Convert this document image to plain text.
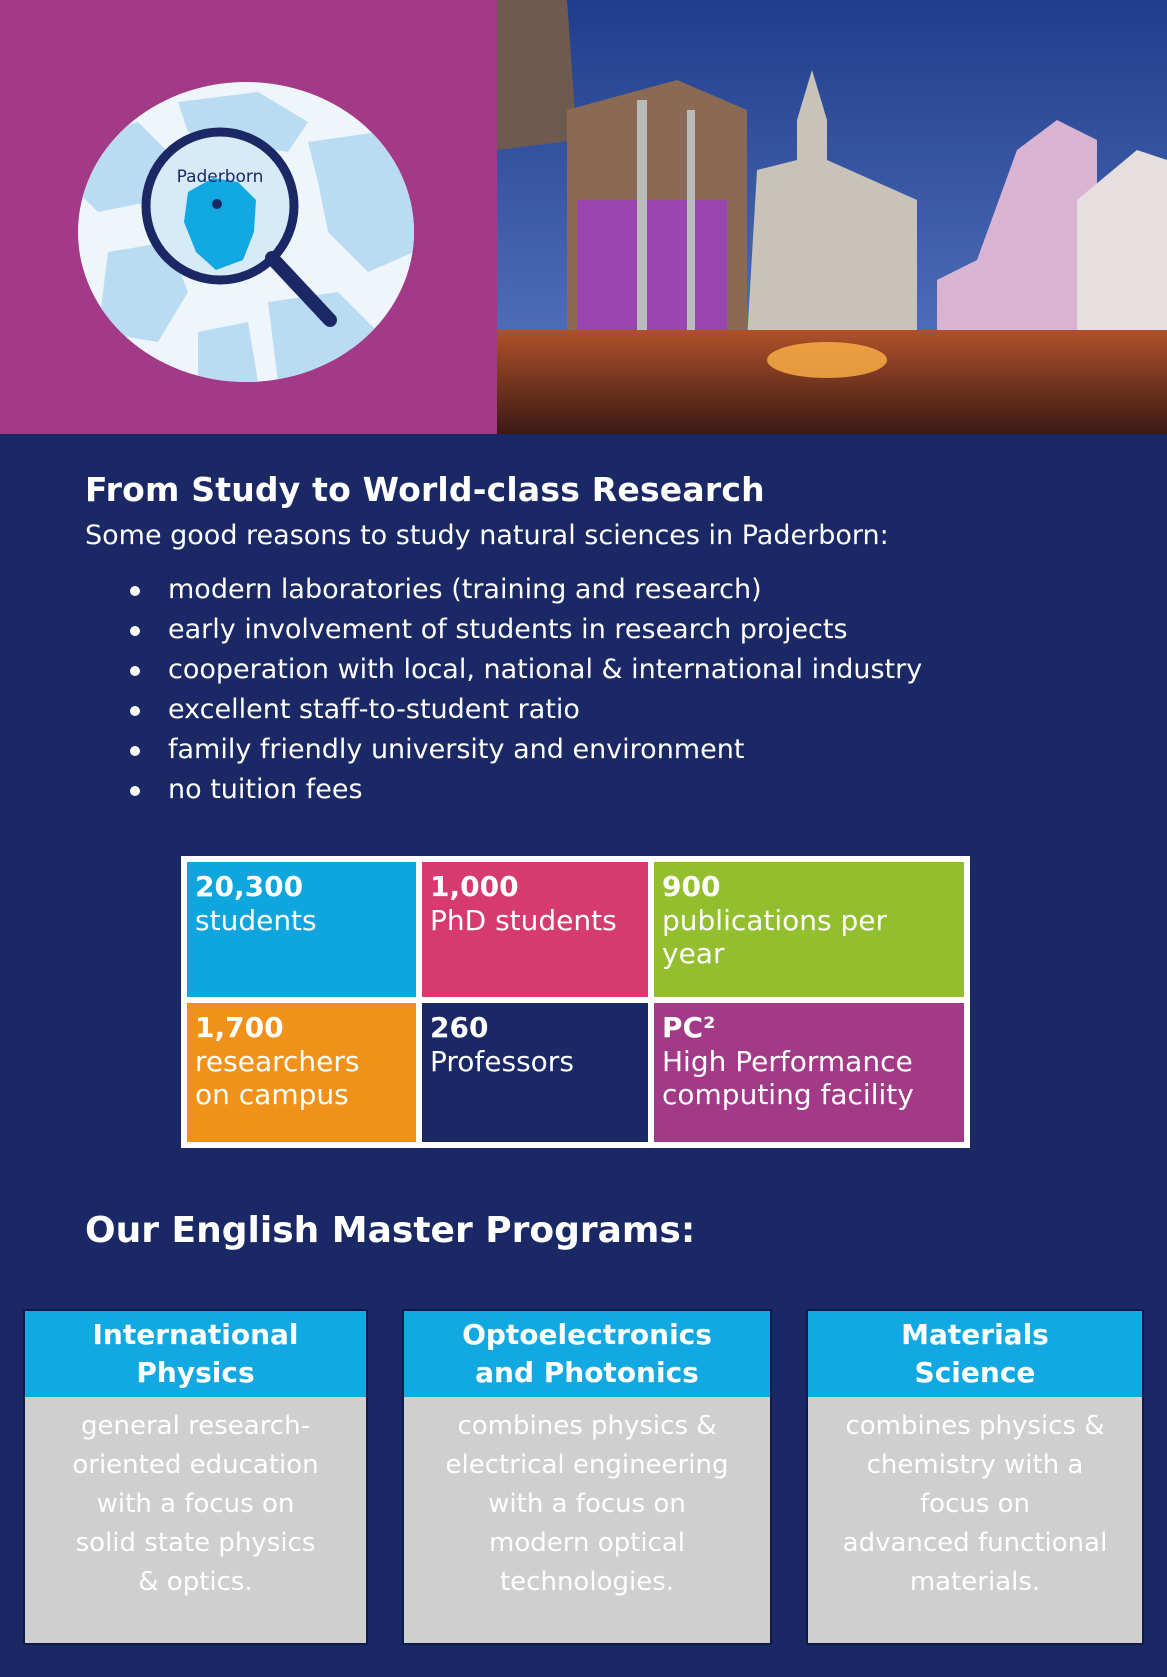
Paderborn
From Study to World-class Research

Some good reasons to study natural sciences in Paderborn:

modern laboratories (training and research)
early involvement of students in research projects
cooperation with local, national & international industry
excellent staff-to-student ratio
family friendly university and environment
no tuition fees
20,300
students
1,000
PhD students
900
publications per year
1,700
researchers
on campus
260
Professors
PC²
High Performance
computing facility
Our English Master Programs:
International
Physics
general research-
oriented education
with a focus on
solid state physics
& optics.
Optoelectronics
and Photonics
combines physics &
electrical engineering
with a focus on
modern optical
technologies.
Materials
Science
combines physics &
chemistry with a
focus on
advanced functional
materials.
